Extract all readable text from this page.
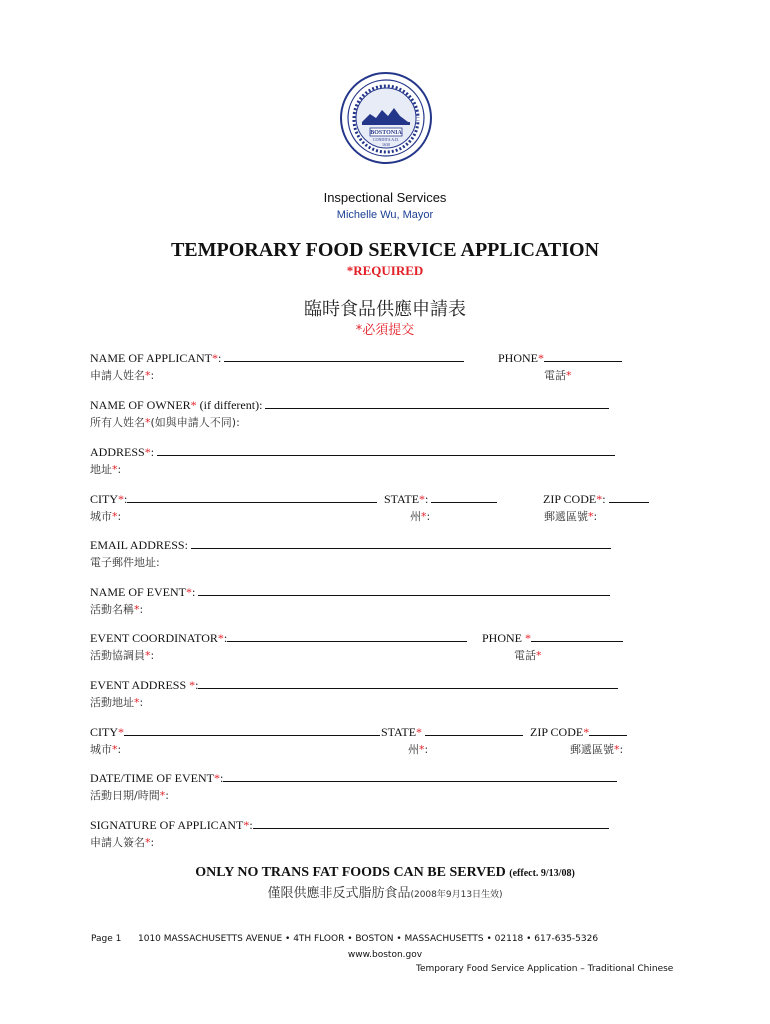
BOSTONIA
CONDITA A.D.
1630
Inspectional Services
Michelle Wu, Mayor
TEMPORARY FOOD SERVICE APPLICATION
*REQUIRED
臨時食品供應申請表
*必須提交
NAME OF APPLICANT*:	PHONE*
申請人姓名*:	電話*
NAME OF OWNER* (if different):
所有人姓名*(如與申請人不同):
ADDRESS*:
地址*:
CITY*:	STATE*:	ZIP CODE*:
城市*:	州*:	郵遞區號*:
EMAIL ADDRESS:
電子郵件地址:
NAME OF EVENT*:
活動名稱*:
EVENT COORDINATOR*:	PHONE *
活動協調員*:	電話*
EVENT ADDRESS *:
活動地址*:
CITY*	STATE*	ZIP CODE*
城市*:	州*:	郵遞區號*:
DATE/TIME OF EVENT*:
活動日期/時間*:
SIGNATURE OF APPLICANT*:
申請人簽名*:
ONLY NO TRANS FAT FOODS CAN BE SERVED (effect. 9/13/08)
僅限供應非反式脂肪食品(2008年9月13日生效)
Page 1 1010 MASSACHUSETTS AVENUE • 4TH FLOOR • BOSTON • MASSACHUSETTS • 02118 • 617-635-5326
www.boston.gov
Temporary Food Service Application – Traditional Chinese
